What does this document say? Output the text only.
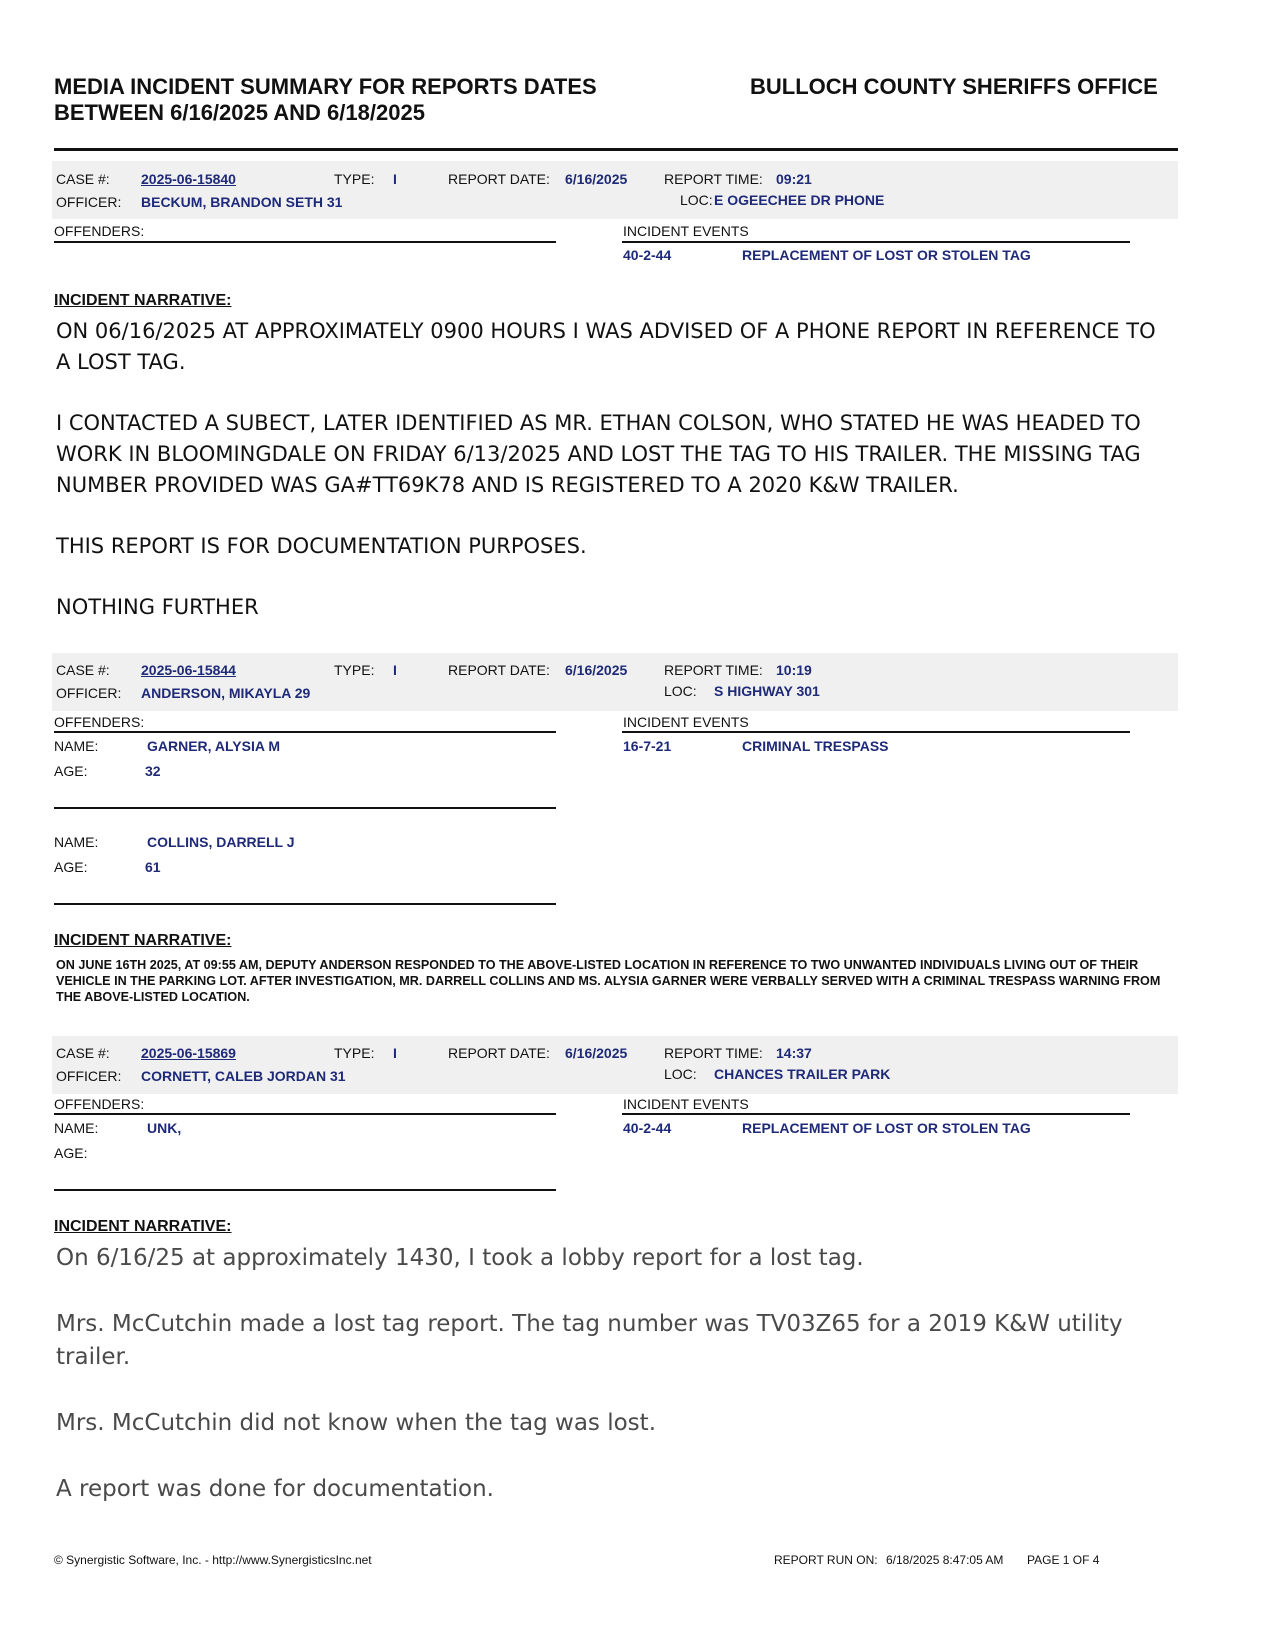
MEDIA INCIDENT SUMMARY FOR REPORTS DATES
BETWEEN 6/16/2025 AND 6/18/2025
BULLOCH COUNTY SHERIFFS OFFICE
CASE #: 2025-06-15840	TYPE: I	REPORT DATE: 6/16/2025	REPORT TIME: 09:21
OFFICER: BECKUM, BRANDON SETH 31	LOC: E OGEECHEE DR PHONE
OFFENDERS:	INCIDENT EVENTS
40-2-44	REPLACEMENT OF LOST OR STOLEN TAG
INCIDENT NARRATIVE:

ON 06/16/2025 AT APPROXIMATELY 0900 HOURS I WAS ADVISED OF A PHONE REPORT IN REFERENCE TO A LOST TAG.

I CONTACTED A SUBECT, LATER IDENTIFIED AS MR. ETHAN COLSON, WHO STATED HE WAS HEADED TO WORK IN BLOOMINGDALE ON FRIDAY 6/13/2025 AND LOST THE TAG TO HIS TRAILER. THE MISSING TAG NUMBER PROVIDED WAS GA#TT69K78 AND IS REGISTERED TO A 2020 K&W TRAILER.

THIS REPORT IS FOR DOCUMENTATION PURPOSES.

NOTHING FURTHER

CASE #: 2025-06-15844	TYPE: I	REPORT DATE: 6/16/2025	REPORT TIME: 10:19
OFFICER: ANDERSON, MIKAYLA 29	LOC: S HIGHWAY 301
OFFENDERS:	INCIDENT EVENTS
16-7-21	CRIMINAL TRESPASS
NAME:	GARNER, ALYSIA M
AGE:	32
NAME:	COLLINS, DARRELL J
AGE:	61
INCIDENT NARRATIVE:
ON JUNE 16TH 2025, AT 09:55 AM, DEPUTY ANDERSON RESPONDED TO THE ABOVE-LISTED LOCATION IN REFERENCE TO TWO UNWANTED INDIVIDUALS LIVING OUT OF THEIR VEHICLE IN THE PARKING LOT. AFTER INVESTIGATION, MR. DARRELL COLLINS AND MS. ALYSIA GARNER WERE VERBALLY SERVED WITH A CRIMINAL TRESPASS WARNING FROM THE ABOVE-LISTED LOCATION.
CASE #: 2025-06-15869	TYPE: I	REPORT DATE: 6/16/2025	REPORT TIME: 14:37
OFFICER: CORNETT, CALEB JORDAN 31	LOC: CHANCES TRAILER PARK
OFFENDERS:	INCIDENT EVENTS
40-2-44	REPLACEMENT OF LOST OR STOLEN TAG
NAME:	UNK,
AGE:
INCIDENT NARRATIVE:

On 6/16/25 at approximately 1430, I took a lobby report for a lost tag.

Mrs. McCutchin made a lost tag report. The tag number was TV03Z65 for a 2019 K&W utility trailer.

Mrs. McCutchin did not know when the tag was lost.

A report was done for documentation.

© Synergistic Software, Inc. - http://www.SynergisticsInc.net	REPORT RUN ON: 6/18/2025 8:47:05 AM PAGE 1 OF 4
